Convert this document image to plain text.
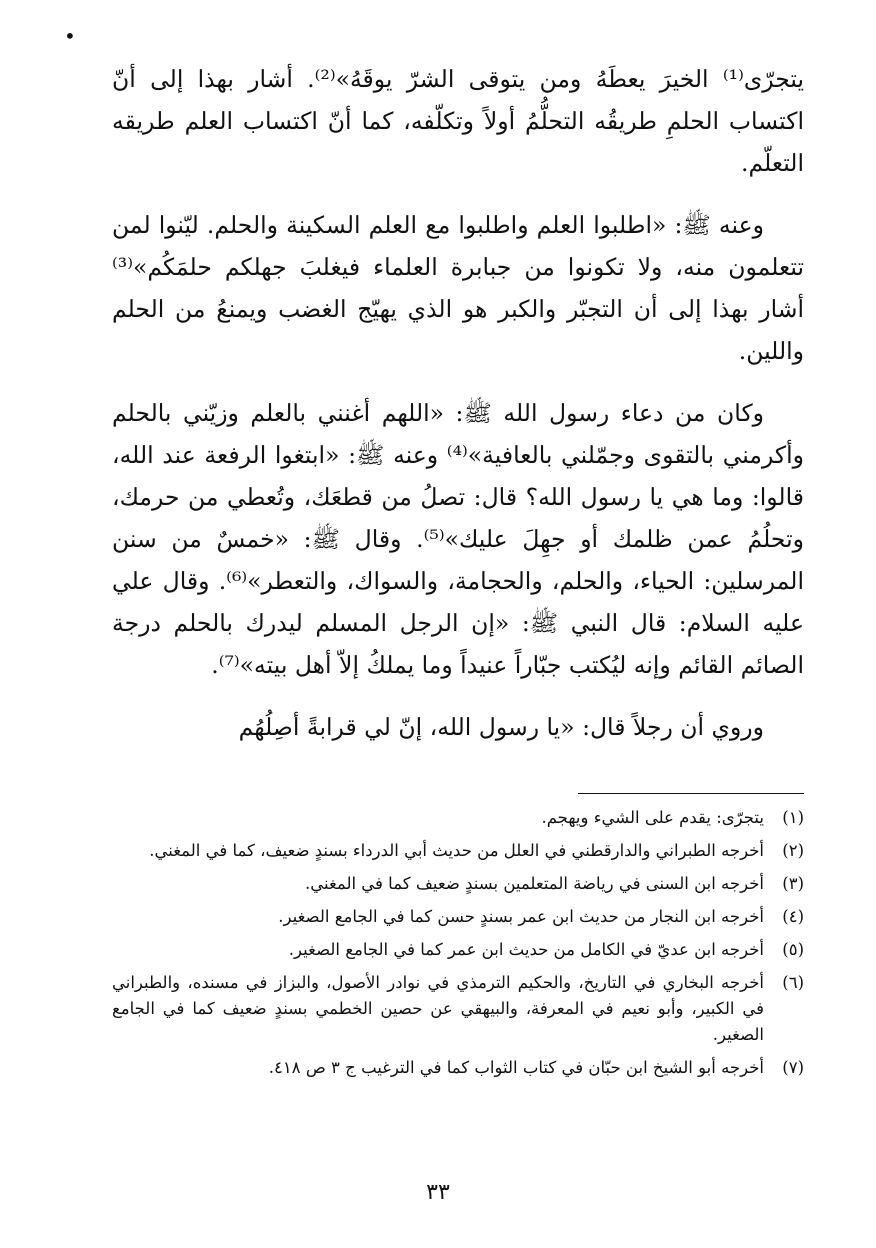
•

يتجرّى⁽¹⁾ الخيرَ يعطَهُ ومن يتوقى الشرّ يوقَهُ»⁽²⁾. أشار بهذا إلى أنّ اكتساب الحلمِ طريقُه التحلُّمُ أولاً وتكلّفه، كما أنّ اكتساب العلم طريقه التعلّم.

وعنه ﷺ: «اطلبوا العلم واطلبوا مع العلم السكينة والحلم. ليّنوا لمن تتعلمون منه، ولا تكونوا من جبابرة العلماء فيغلبَ جهلكم حلمَكُم»⁽³⁾ أشار بهذا إلى أن التجبّر والكبر هو الذي يهيّج الغضب ويمنعُ من الحلم واللين.

وكان من دعاء رسول الله ﷺ: «اللهم أغنني بالعلم وزيّني بالحلم وأكرمني بالتقوى وجمّلني بالعافية»⁽⁴⁾ وعنه ﷺ: «ابتغوا الرفعة عند الله، قالوا: وما هي يا رسول الله؟ قال: تصلُ من قطعَك، وتُعطي من حرمك، وتحلُمُ عمن ظلمك أو جهِلَ عليك»⁽⁵⁾. وقال ﷺ: «خمسٌ من سنن المرسلين: الحياء، والحلم، والحجامة، والسواك، والتعطر»⁽⁶⁾. وقال علي عليه السلام: قال النبي ﷺ: «إن الرجل المسلم ليدرك بالحلم درجة الصائم القائم وإنه ليُكتب جبّاراً عنيداً وما يملكُ إلاّ أهل بيته»⁽⁷⁾.

وروي أن رجلاً قال: «يا رسول الله، إنّ لي قرابةً أصِلُهُم

(١)
يتجرّى: يقدم على الشيء ويهجم.
(٢)
أخرجه الطبراني والدارقطني في العلل من حديث أبي الدرداء بسندٍ ضعيف، كما في المغني.
(٣)
أخرجه ابن السنى في رياضة المتعلمين بسندٍ ضعيف كما في المغني.
(٤)
أخرجه ابن النجار من حديث ابن عمر بسندٍ حسن كما في الجامع الصغير.
(٥)
أخرجه ابن عديّ في الكامل من حديث ابن عمر كما في الجامع الصغير.
(٦)
أخرجه البخاري في التاريخ، والحكيم الترمذي في نوادر الأصول، والبزاز في مسنده، والطبراني في الكبير، وأبو نعيم في المعرفة، والبيهقي عن حصين الخطمي بسندٍ ضعيف كما في الجامع الصغير.
(٧)
أخرجه أبو الشيخ ابن حبّان في كتاب الثواب كما في الترغيب ج ٣ ص ٤١٨.
٣٣
